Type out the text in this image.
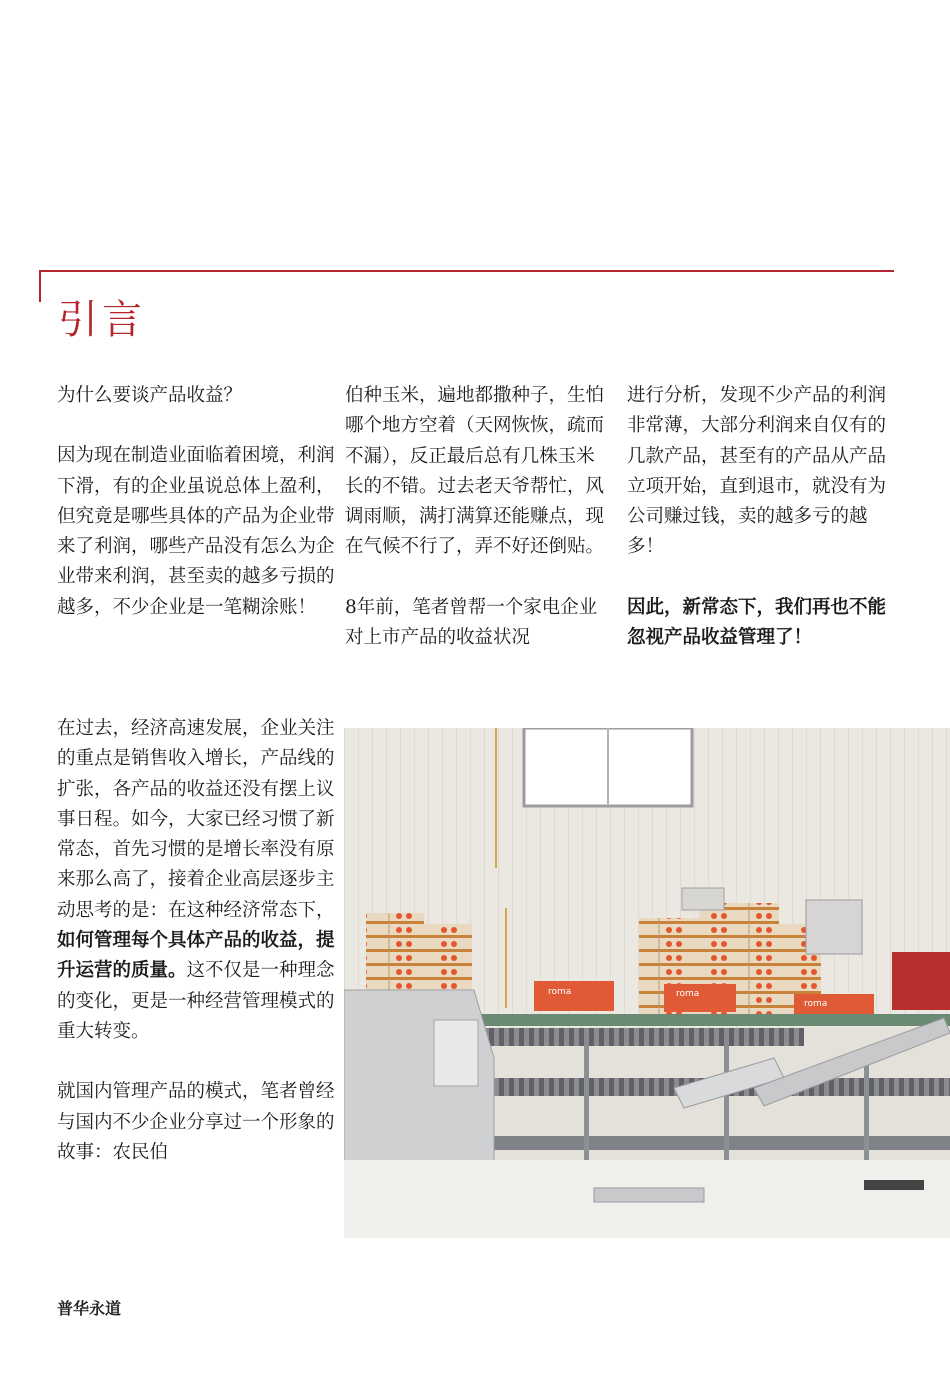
引言

为什么要谈产品收益？

因为现在制造业面临着困境，利润下滑，有的企业虽说总体上盈利，但究竟是哪些具体的产品为企业带来了利润，哪些产品没有怎么为企业带来利润，甚至卖的越多亏损的越多，不少企业是一笔糊涂账！

伯种玉米，遍地都撒种子，生怕哪个地方空着（天网恢恢，疏而不漏），反正最后总有几株玉米长的不错。过去老天爷帮忙，风调雨顺，满打满算还能赚点，现在气候不行了，弄不好还倒贴。

8年前，笔者曾帮一个家电企业对上市产品的收益状况

进行分析，发现不少产品的利润非常薄，大部分利润来自仅有的几款产品，甚至有的产品从产品立项开始，直到退市，就没有为公司赚过钱，卖的越多亏的越多！

因此，新常态下，我们再也不能忽视产品收益管理了！

在过去，经济高速发展，企业关注的重点是销售收入增长，产品线的扩张，各产品的收益还没有摆上议事日程。如今，大家已经习惯了新常态，首先习惯的是增长率没有原来那么高了，接着企业高层逐步主动思考的是：在这种经济常态下，如何管理每个具体产品的收益，提升运营的质量。这不仅是一种理念的变化，更是一种经营管理模式的重大转变。

就国内管理产品的模式，笔者曾经与国内不少企业分享过一个形象的故事：农民伯

roma	roma
roma

普华永道
